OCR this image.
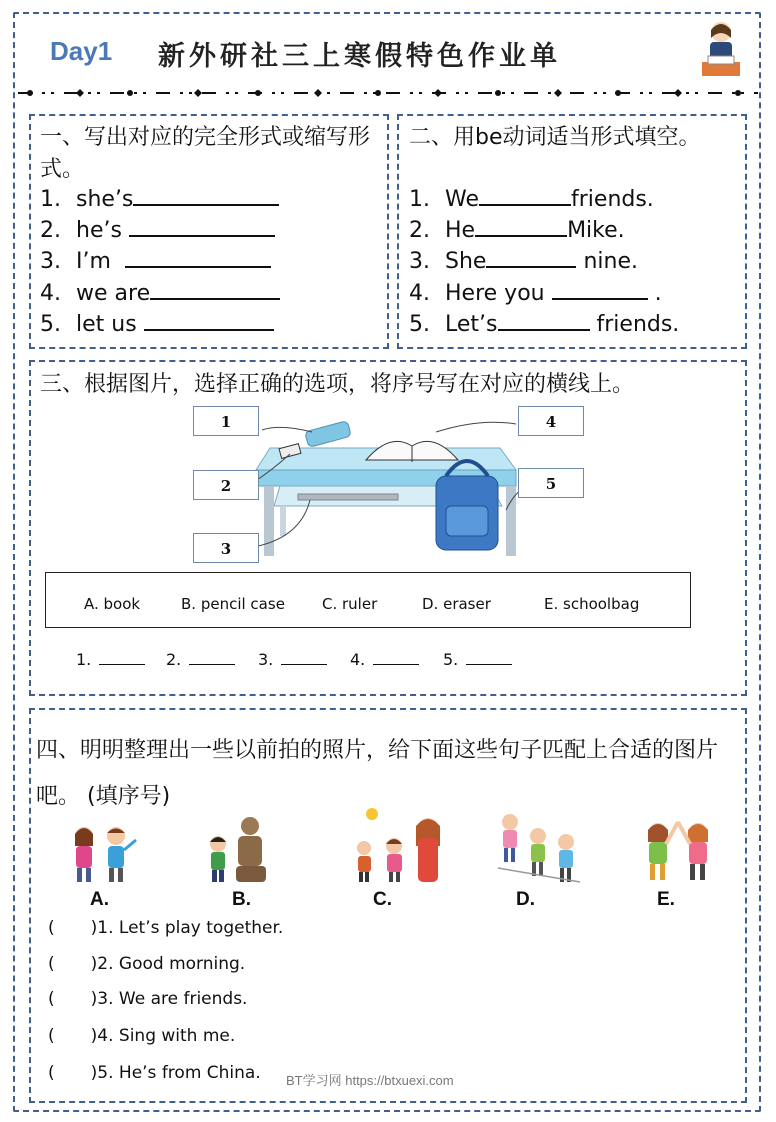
Day1 新外研社三上寒假特色作业单
一、写出对应的完全形式或缩写形式。
1. she’s
2. he’s
3. I’m
4. we are
5. let us
二、用be动词适当形式填空。
1. We	friends.
2. He	Mike.
3. She	nine.
4. Here you	.
5. Let’s	friends.
三、根据图片，选择正确的选项，将序号写在对应的横线上。
1
2
3
4
5
A. book	B. pencil case C. ruler	D. eraser	E. schoolbag
1.	2.	3.	4.	5.
四、明明整理出一些以前拍的照片，给下面这些句子匹配上合适的图片吧。 (填序号)
A.	B.	C.	D.	E.
( )1. Let’s play together.
( )2. Good morning.
( )3. We are friends.
( )4. Sing with me.
( )5. He’s from China. BT学习网 https://btxuexi.com
